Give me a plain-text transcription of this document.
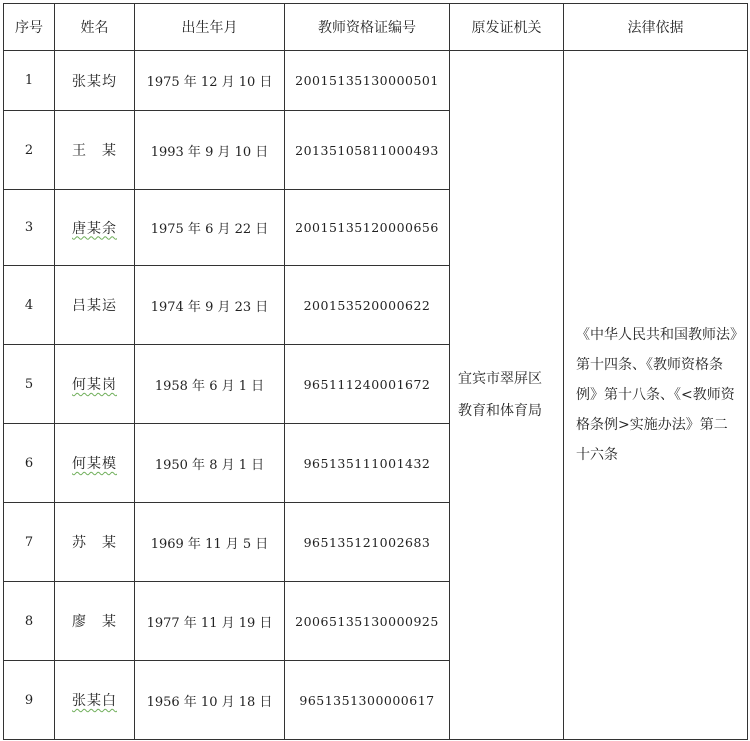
序号	姓名	出生年月	教师资格证编号	原发证机关	法律依据
1	张某均	1975 年 12 月 10 日	20015135130000501	宜宾市翠屏区教育和体育局	《中华人民共和国教师法》第十四条、《教师资格条例》第十八条、《<教师资格条例>实施办法》第二十六条
2	王　某	1993 年 9 月 10 日	20135105811000493		
3	唐某余	1975 年 6 月 22 日	20015135120000656		
4	吕某运	1974 年 9 月 23 日	200153520000622		
5	何某岗	1958 年 6 月 1 日	965111240001672		
6	何某模	1950 年 8 月 1 日	965135111001432		
7	苏　某	1969 年 11 月 5 日	965135121002683		
8	廖　某	1977 年 11 月 19 日	20065135130000925		
9	张某白	1956 年 10 月 18 日	9651351300000617		
